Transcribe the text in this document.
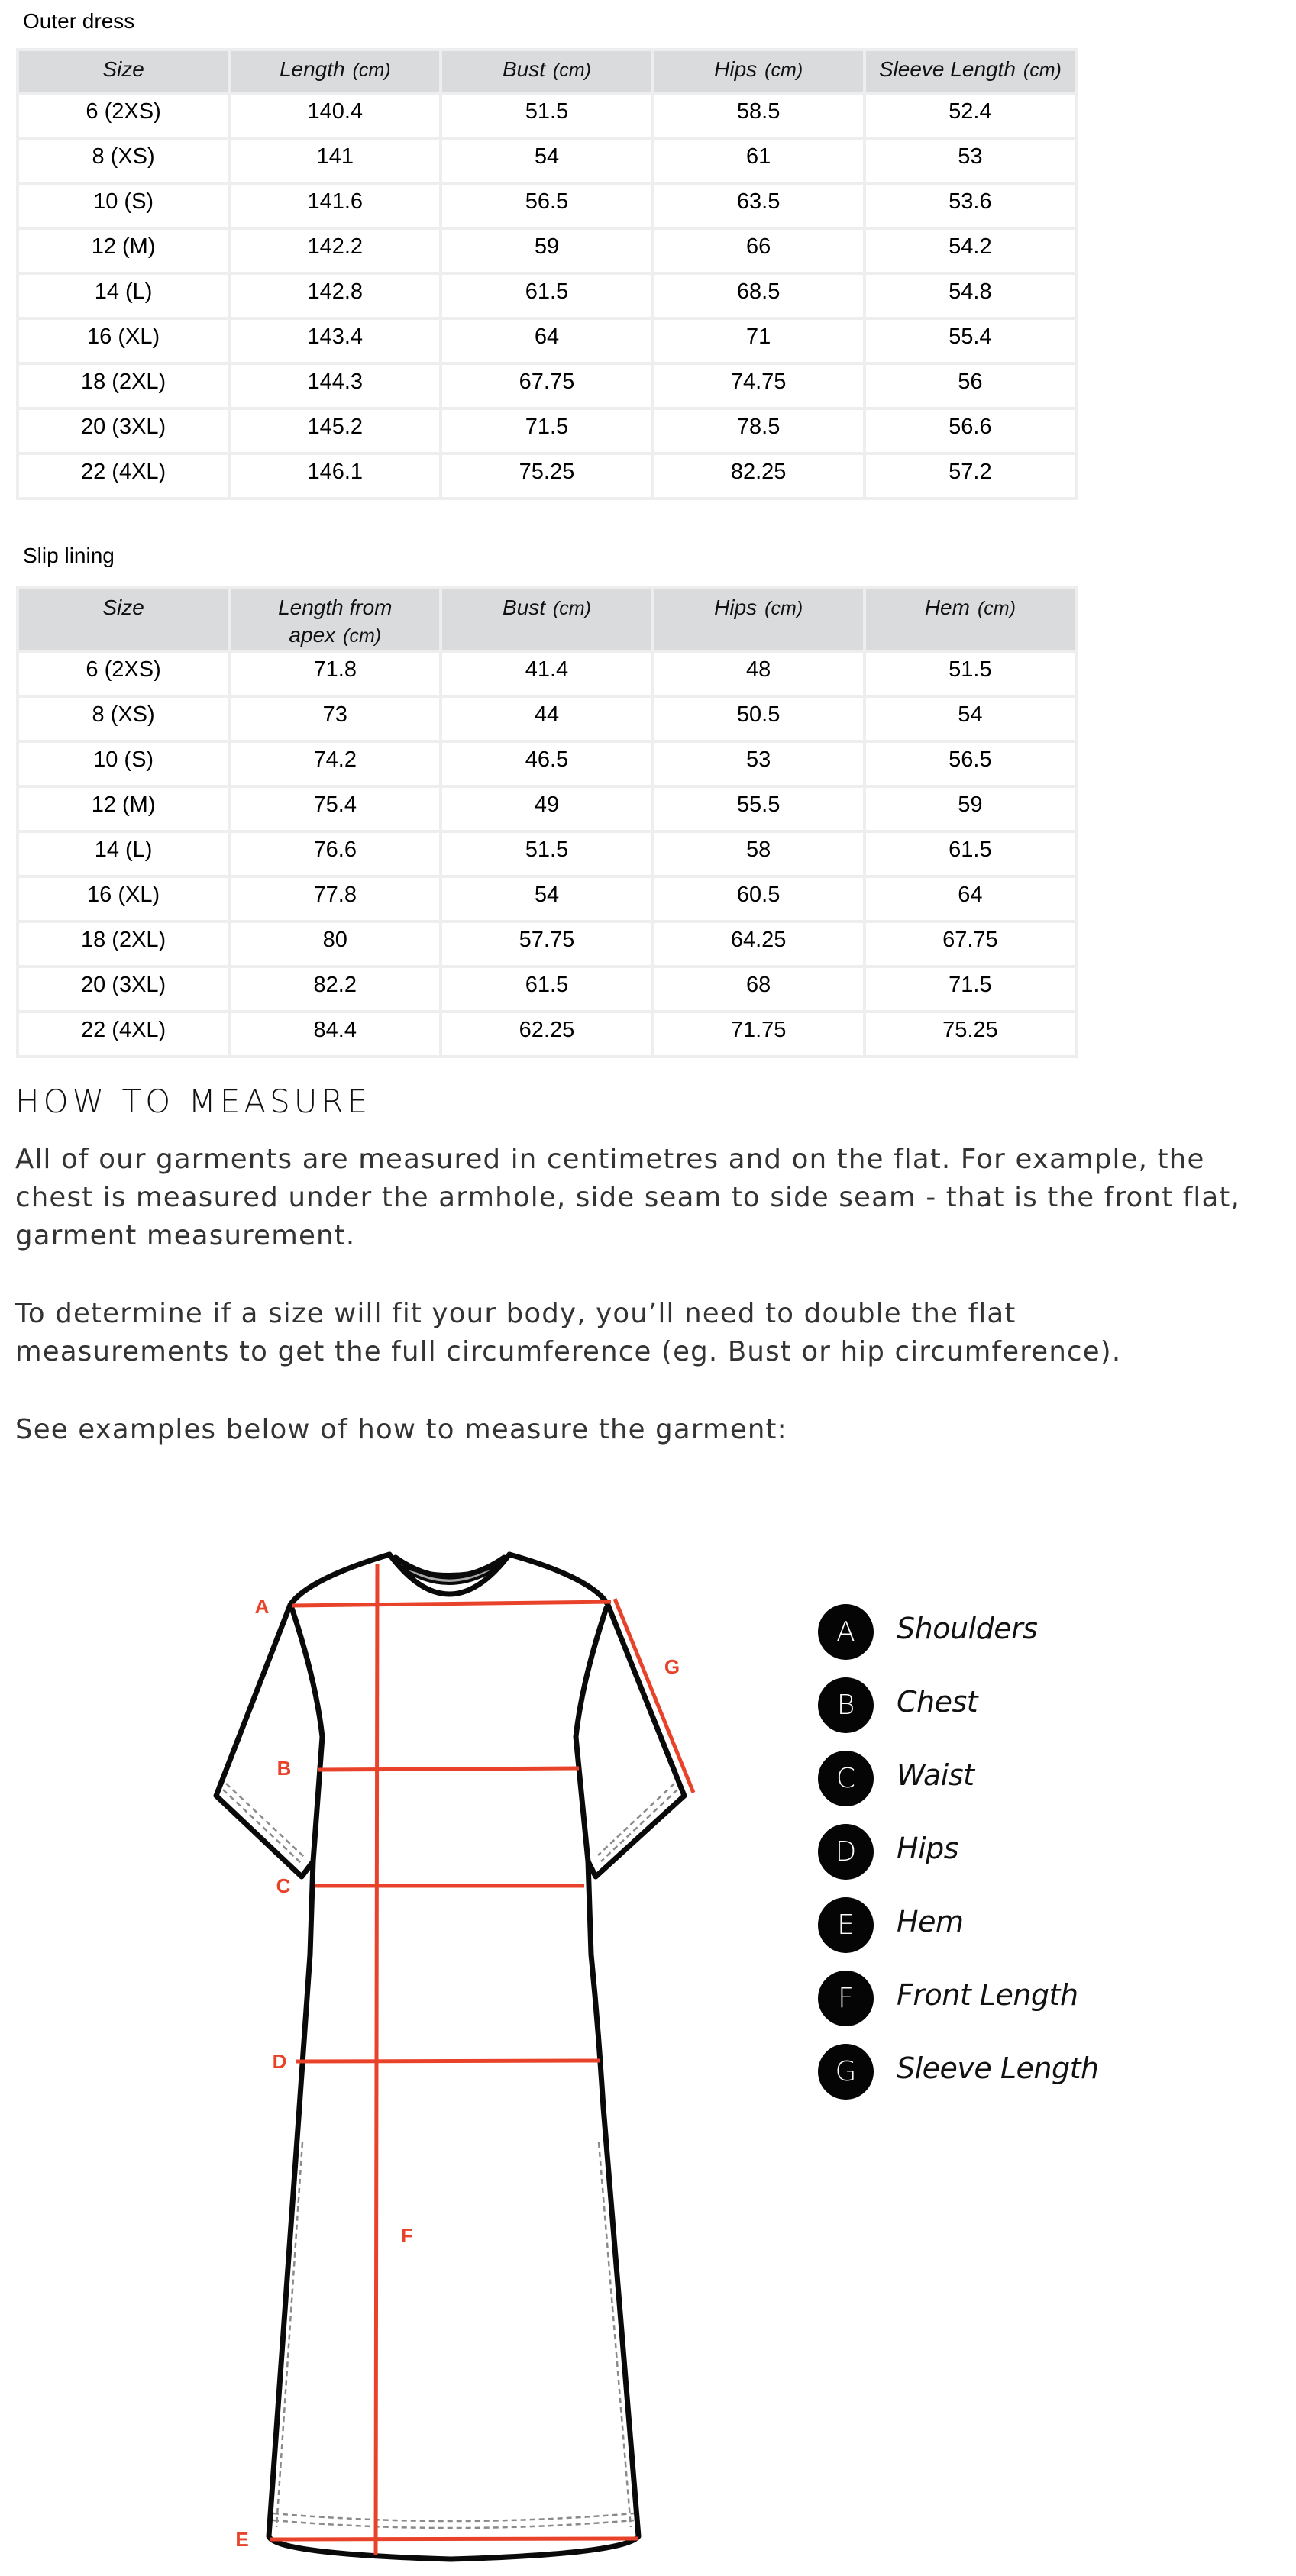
Outer dress
Size	Length (cm)	Bust (cm)	Hips (cm)	Sleeve Length (cm)
6 (2XS)	140.4	51.5	58.5	52.4
8 (XS)	141	54	61	53
10 (S)	141.6	56.5	63.5	53.6
12 (M)	142.2	59	66	54.2
14 (L)	142.8	61.5	68.5	54.8
16 (XL)	143.4	64	71	55.4
18 (2XL)	144.3	67.75	74.75	56
20 (3XL)	145.2	71.5	78.5	56.6
22 (4XL)	146.1	75.25	82.25	57.2
Slip lining
Size	Length from apex (cm)	Bust (cm)	Hips (cm)	Hem (cm)
6 (2XS)	71.8	41.4	48	51.5
8 (XS)	73	44	50.5	54
10 (S)	74.2	46.5	53	56.5
12 (M)	75.4	49	55.5	59
14 (L)	76.6	51.5	58	61.5
16 (XL)	77.8	54	60.5	64
18 (2XL)	80	57.75	64.25	67.75
20 (3XL)	82.2	61.5	68	71.5
22 (4XL)	84.4	62.25	71.75	75.25
HOW TO MEASURE
All of our garments are measured in centimetres and on the flat. For example, the chest is measured under the armhole, side seam to side seam - that is the front flat, garment measurement.
To determine if a size will fit your body, you’ll need to double the flat measurements to get the full circumference (eg. Bust or hip circumference).
See examples below of how to measure the garment:
A
B
C
D
E
F
G
A	Shoulders
B	Chest
C	Waist
D	Hips
E	Hem
F	Front Length
G	Sleeve Length
